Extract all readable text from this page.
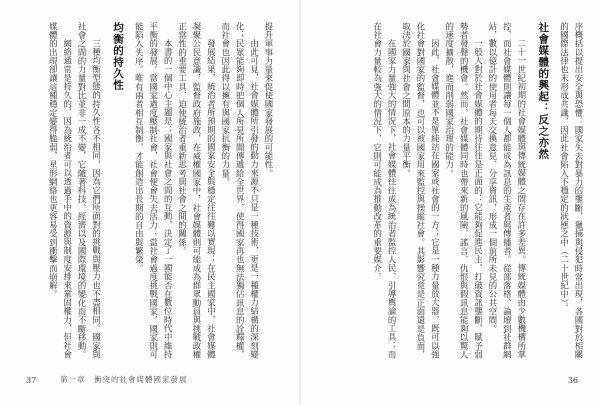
提升軍事力量來促使國家發展的可能性。

由此可見，社會媒體所引發的動力來源不只是一種技術，更是一種權力結構的深刻變化；民眾能夠即時把個人所見所聞傳遞給全世界，使得國家再也無法獨佔訊息的詮釋權，而社會也因此得以擁有與國家抗衡的力量。

發展結果，統治者所預期的國家安全與穩定往往難以實現；在民主國家中，社會媒體凝聚公民意識，監督政府施政，在威權國家中，社會媒體則可能成為群眾動員與挑戰政權正當性的重要工具，迫使統治者重新思考與社會之間的關係。

本書的一個中心主題是：國家與社會之間的互動，決定了一國能否在數位時代中維持平衡的發展。當國家過度壓制社會，社會便會失去活力；當社會過度挑戰國家，國家則可能陷入失序。唯有兩者相互制衡，才能創造出長期的自由與繁榮。

均衡的持久性

三種均衡型態的持久性各不相同，因為它們所面對的挑戰與壓力也不盡相同。國家與社會之間的力量對比並非一成不變，它隨著科技、經濟以及國際環境的變化而不斷移動。

網絡通常是持久的，因為統治者可以透過手中的資源與制度安排來鞏固權力，但社會媒體的出現卻讓這種穩定變得脆弱，星形網絡也更容易受到衝擊而崩解。

37	第一章　衝突的社會媒體國家發展

序概括以提出安全與恐懼：國家失去對暴力的壟斷，獵捕與侵犯時常出現，各國對於相關的國際法律也未形成共識，因此社會陷入不穩定的狀態之中（二十世紀中）。

社會媒體的興起：反之亦然

二十一世紀初期的社會媒體與傳統媒體之間存在許多差異。傳統媒體由少數機構所掌控，而社會媒體則讓每一個人都能成為訊息的生產者與傳播者。從部落格、論壇到社群網站，數以億計的使用者每天交換意見、分享資訊，形成一個前所未見的公共空間。

一般人對於社會媒體的期待往往是正面的：它能夠促進民主、打破資訊壟斷、賦予弱勢者發聲的機會。然而，社會媒體同時也帶來新的風險，謠言、仇恨與假訊息能夠以驚人的速度擴散，進而削弱國家治理的能力。

因此，社會媒體並不是單純站在國家或社會的一方；它是一種力量放大器，既可以強化社會對國家的監督，也可以被國家用來監控與操縱社會。其影響究竟是正面還是負面，取決於國家與社會之間原本的力量平衡。

在國家力量強大的情況下，社會媒體往往成為統治者監控人民、引導輿論的工具；而在社會力量較為強大的情況下，它則可能成為推動改革的重要媒介。

36
